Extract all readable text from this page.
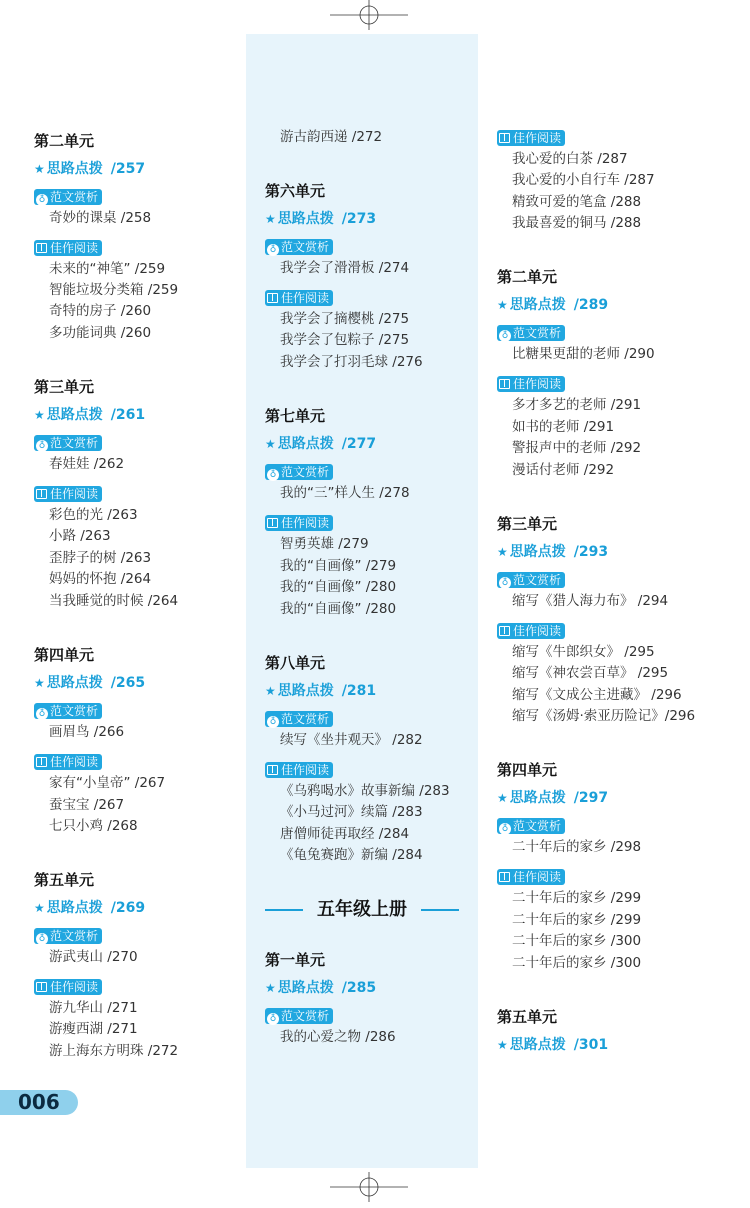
第二单元
★ 思路点拨 /257
♁ 范文赏析
奇妙的课桌 /258
佳作阅读
未来的“神笔” /259
智能垃圾分类箱 /259
奇特的房子 /260
多功能词典 /260
第三单元
★ 思路点拨 /261
♁ 范文赏析
春娃娃 /262
佳作阅读
彩色的光 /263
小路 /263
歪脖子的树 /263
妈妈的怀抱 /264
当我睡觉的时候 /264
第四单元
★ 思路点拨 /265
♁ 范文赏析
画眉鸟 /266
佳作阅读
家有“小皇帝” /267
蚕宝宝 /267
七只小鸡 /268
第五单元
★ 思路点拨 /269
♁ 范文赏析
游武夷山 /270
佳作阅读
游九华山 /271
游瘦西湖 /271
游上海东方明珠 /272
游古韵西递 /272
第六单元
★ 思路点拨 /273
♁ 范文赏析
我学会了滑滑板 /274
佳作阅读
我学会了摘樱桃 /275
我学会了包粽子 /275
我学会了打羽毛球 /276
第七单元
★ 思路点拨 /277
♁ 范文赏析
我的“三”样人生 /278
佳作阅读
智勇英雄 /279
我的“自画像” /279
我的“自画像” /280
我的“自画像” /280
第八单元
★ 思路点拨 /281
♁ 范文赏析
续写《坐井观天》 /282
佳作阅读
《乌鸦喝水》故事新编 /283
《小马过河》续篇 /283
唐僧师徒再取经 /284
《龟兔赛跑》新编 /284
第一单元
★ 思路点拨 /285
♁ 范文赏析
我的心爱之物 /286
五年级上册
佳作阅读
我心爱的白茶 /287
我心爱的小自行车 /287
精致可爱的笔盒 /288
我最喜爱的铜马 /288
第二单元
★ 思路点拨 /289
♁ 范文赏析
比糖果更甜的老师 /290
佳作阅读
多才多艺的老师 /291
如书的老师 /291
警报声中的老师 /292
漫话付老师 /292
第三单元
★ 思路点拨 /293
♁ 范文赏析
缩写《猎人海力布》 /294
佳作阅读
缩写《牛郎织女》 /295
缩写《神农尝百草》 /295
缩写《文成公主进藏》 /296
缩写《汤姆·索亚历险记》/296
第四单元
★ 思路点拨 /297
♁ 范文赏析
二十年后的家乡 /298
佳作阅读
二十年后的家乡 /299
二十年后的家乡 /299
二十年后的家乡 /300
二十年后的家乡 /300
第五单元
★ 思路点拨 /301
006
